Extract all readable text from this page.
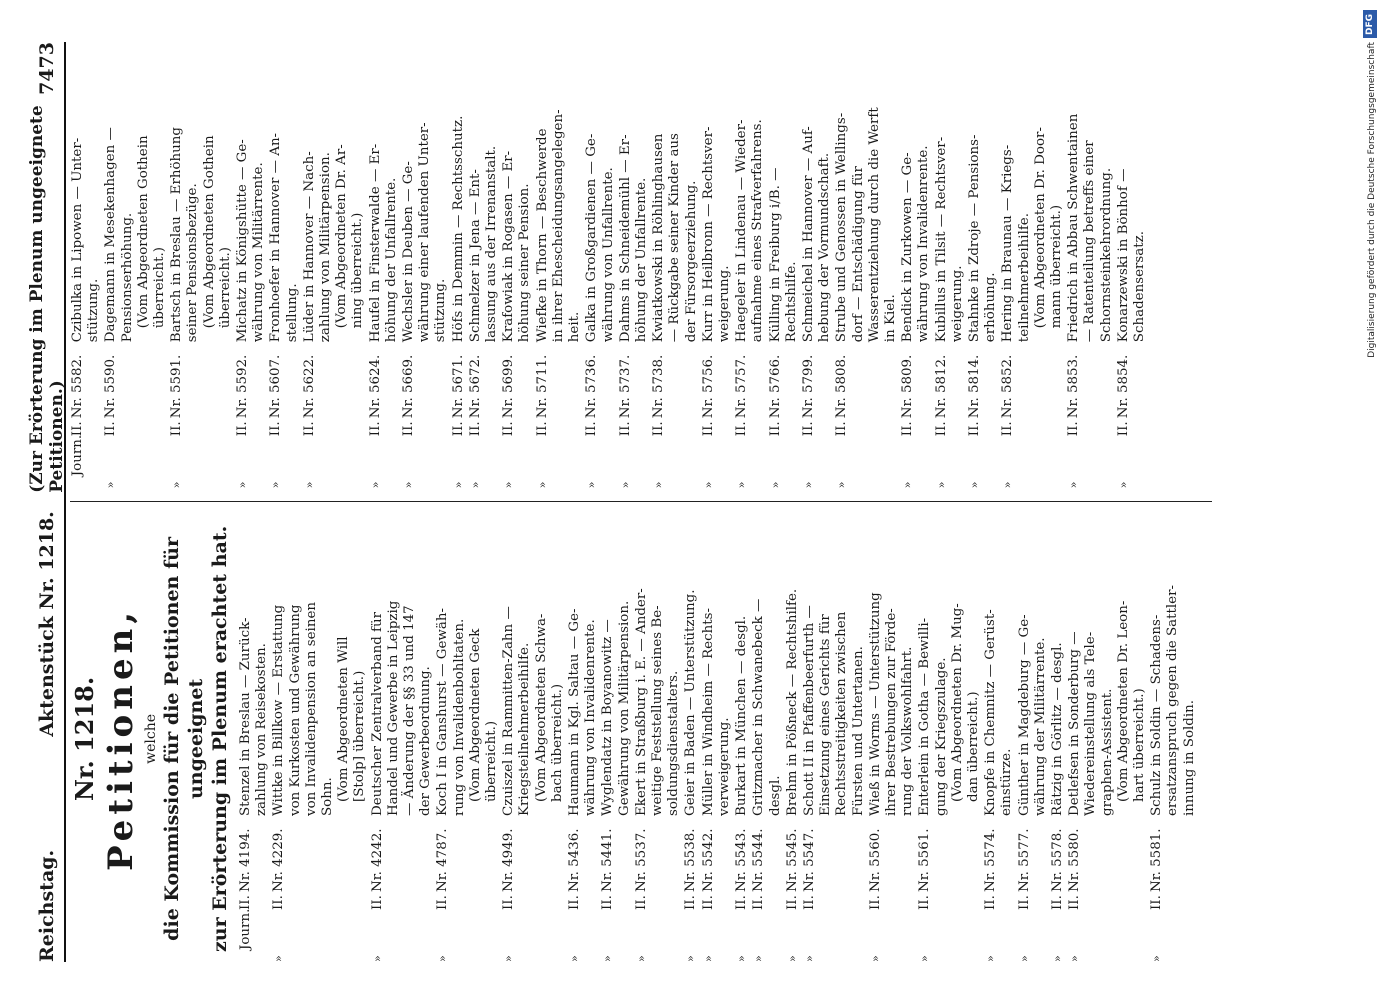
Reichstag.
Aktenstück Nr. 1218.
(Zur Erörterung im Plenum ungeeignete Petitionen.)
7473
Nr. 1218. Petitionen, welche die Kommission für die Petitionen für ungeeignet zur Erörterung im Plenum erachtet hat. Journ.
II.
Nr. 4194.
Stenzel in Breslau — Zurück- zahlung von Reisekosten.
»
II.
Nr. 4229.
Wittke in Billkow — Erstattung von Kurkosten und Gewährung von Invalidenpension an seinen Sohn. (Vom Abgeordneten Will [Stolp] überreicht.)
»
II.
Nr. 4242.
Deutscher Zentralverband für Handel und Gewerbe in Leipzig — Änderung der §§ 33 und 147 der Gewerbeordnung.
»
II.
Nr. 4787.
Koch I in Ganshurst — Gewäh- rung von Invalidenbohltaten. (Vom Abgeordneten Geck überreicht.)
»
II.
Nr. 4949.
Czuiszel in Rammitten-Zahn — Kriegsteilnehmerbeihilfe. (Vom Abgeordneten Schwa- bach überreicht.)
»
II.
Nr. 5436.
Haumann in Kgl. Saltau — Ge- währung von Invalidenrente.
»
II.
Nr. 5441.
Wyglendatz in Boyanowitz — Gewährung von Militärpension.
»
II.
Nr. 5537.
Ekert in Straßburg i. E. — Ander- weitige Feststellung seines Be- soldungsdienstalters.
»
II.
Nr. 5538.
Geier in Baden — Unterstützung.
»
II.
Nr. 5542.
Müller in Windheim — Rechts- verweigerung.
»
II.
Nr. 5543.
Burkart in München — desgl.
»
II.
Nr. 5544.
Gritzmacher in Schwanebeck — desgl.
»
II.
Nr. 5545.
Brehm in Pößneck — Rechtshilfe.
»
II.
Nr. 5547.
Schott II in Pfaffenbeerfurth — Einsetzung eines Gerichts für Rechtsstreitigkeiten zwischen Fürsten und Untertanen.
»
II.
Nr. 5560.
Wieß in Worms — Unterstützung ihrer Bestrebungen zur Förde- rung der Volkswohlfahrt.
»
II.
Nr. 5561.
Enterlein in Gotha — Bewilli- gung der Kriegszulage. (Vom Abgeordneten Dr. Mug- dan überreicht.)
»
II.
Nr. 5574.
Knopfe in Chemnitz — Gerüst- einstürze.
»
II.
Nr. 5577.
Günther in Magdeburg — Ge- währung der Militärrente.
»
II.
Nr. 5578.
Rätzig in Görlitz — desgl.
»
II.
Nr. 5580.
Detlefsen in Sonderburg — Wiedereinstellung als Tele- graphen-Assistent. (Vom Abgeordneten Dr. Leon- hart überreicht.)
»
II.
Nr. 5581.
Schulz in Soldin — Schadens- ersatzanspruch gegen die Sattler- innung in Soldin.
Journ.
II.
Nr. 5582.
Czibulka in Lipowen — Unter- stützung.
»
II.
Nr. 5590.
Dagemann in Mesekenhagen — Pensionserhöhung. (Vom Abgeordneten Gothein überreicht.)
»
II.
Nr. 5591.
Bartsch in Breslau — Erhöhung seiner Pensionsbezüge. (Vom Abgeordneten Gothein überreicht.)
»
II.
Nr. 5592.
Michatz in Königshütte — Ge- währung von Militärrente.
»
II.
Nr. 5607.
Fronhoefer in Hannover — An- stellung.
»
II.
Nr. 5622.
Lüder in Hannover — Nach- zahlung von Militärpension. (Vom Abgeordneten Dr. Ar- ning überreicht.)
»
II.
Nr. 5624.
Haufel in Finsterwalde — Er- höhung der Unfallrente.
»
II.
Nr. 5669.
Wechsler in Deuben — Ge- währung einer laufenden Unter- stützung.
»
II.
Nr. 5671.
Höfs in Demmin — Rechtsschutz.
»
II.
Nr. 5672.
Schmelzer in Jena — Ent- lassung aus der Irrenanstalt.
»
II.
Nr. 5699.
Krafowiak in Rogasen — Er- höhung seiner Pension.
»
II.
Nr. 5711.
Wiefke in Thorn — Beschwerde in ihrer Ehescheidungsangelegen- heit.
»
II.
Nr. 5736.
Galka in Großgardienen — Ge- währung von Unfallrente.
»
II.
Nr. 5737.
Dahms in Schneidemühl — Er- höhung der Unfallrente.
»
II.
Nr. 5738.
Kwiatkowski in Röhlinghausen — Rückgabe seiner Kinder aus der Fürsorgeerziehung.
»
II.
Nr. 5756.
Kurr in Heilbronn — Rechtsver- weigerung.
»
II.
Nr. 5757.
Haegeler in Lindenau — Wieder- aufnahme eines Strafverfahrens.
»
II.
Nr. 5766.
Külling in Freiburg i/B. — Rechtshilfe.
»
II.
Nr. 5799.
Schmeichel in Hannover — Auf- hebung der Vormundschaft.
»
II.
Nr. 5808.
Strube und Genossen in Wellings- dorf — Entschädigung für Wasserentziehung durch die Werft in Kiel.
»
II.
Nr. 5809.
Bendick in Zurkowen — Ge- währung von Invalidenrente.
»
II.
Nr. 5812.
Kubillus in Tilsit — Rechtsver- weigerung.
»
II.
Nr. 5814.
Stahnke in Zdroje — Pensions- erhöhung.
»
II.
Nr. 5852.
Hering in Braunau — Kriegs- teilnehmerbeihilfe. (Vom Abgeordneten Dr. Door- mann überreicht.)
»
II.
Nr. 5853.
Friedrich in Abbau Schwentainen — Ratenteilung betreffs einer Schornsteinkehrordnung.
»
II.
Nr. 5854.
Konarzewski in Bönhof — Schadensersatz.
DFG
Digitalisierung gefördert durch die Deutsche Forschungsgemeinschaft
